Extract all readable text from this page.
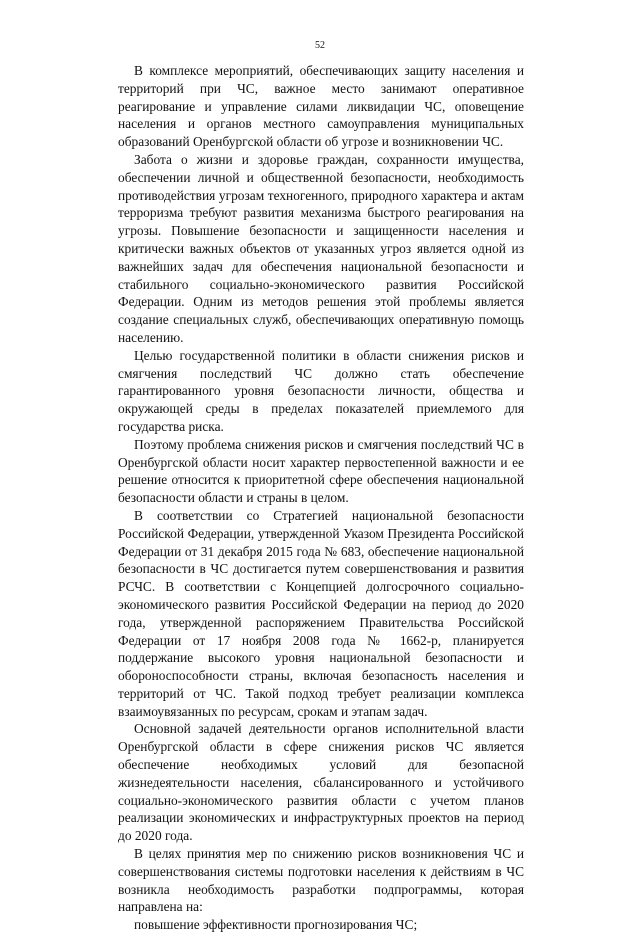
52

В комплексе мероприятий, обеспечивающих защиту населения и территорий при ЧС, важное место занимают оперативное реагирование и управление силами ликвидации ЧС, оповещение населения и органов местного самоуправления муниципальных образований Оренбургской области об угрозе и возникновении ЧС.

Забота о жизни и здоровье граждан, сохранности имущества, обеспечении личной и общественной безопасности, необходимость противодействия угрозам техногенного, природного характера и актам терроризма требуют развития механизма быстрого реагирования на угрозы. Повышение безопасности и защищенности населения и критически важных объектов от указанных угроз является одной из важнейших задач для обеспечения национальной безопасности и стабильного социально-экономического развития Российской Федерации. Одним из методов решения этой проблемы является создание специальных служб, обеспечивающих оперативную помощь населению.

Целью государственной политики в области снижения рисков и смягчения последствий ЧС должно стать обеспечение гарантированного уровня безопасности личности, общества и окружающей среды в пределах показателей приемлемого для государства риска.

Поэтому проблема снижения рисков и смягчения последствий ЧС в Оренбургской области носит характер первостепенной важности и ее решение относится к приоритетной сфере обеспечения национальной безопасности области и страны в целом.

В соответствии со Стратегией национальной безопасности Российской Федерации, утвержденной Указом Президента Российской Федерации от 31 декабря 2015 года № 683, обеспечение национальной безопасности в ЧС достигается путем совершенствования и развития РСЧС. В соответствии с Концепцией долгосрочного социально-экономического развития Российской Федерации на период до 2020 года, утвержденной распоряжением Правительства Российской Федерации от 17 ноября 2008 года № 1662-р, планируется поддержание высокого уровня национальной безопасности и обороноспособности страны, включая безопасность населения и территорий от ЧС. Такой подход требует реализации комплекса взаимоувязанных по ресурсам, срокам и этапам задач.

Основной задачей деятельности органов исполнительной власти Оренбургской области в сфере снижения рисков ЧС является обеспечение необходимых условий для безопасной жизнедеятельности населения, сбалансированного и устойчивого социально-экономического развития области с учетом планов реализации экономических и инфраструктурных проектов на период до 2020 года.

В целях принятия мер по снижению рисков возникновения ЧС и совершенствования системы подготовки населения к действиям в ЧС возникла необходимость разработки подпрограммы, которая направлена на:

повышение эффективности прогнозирования ЧС;
